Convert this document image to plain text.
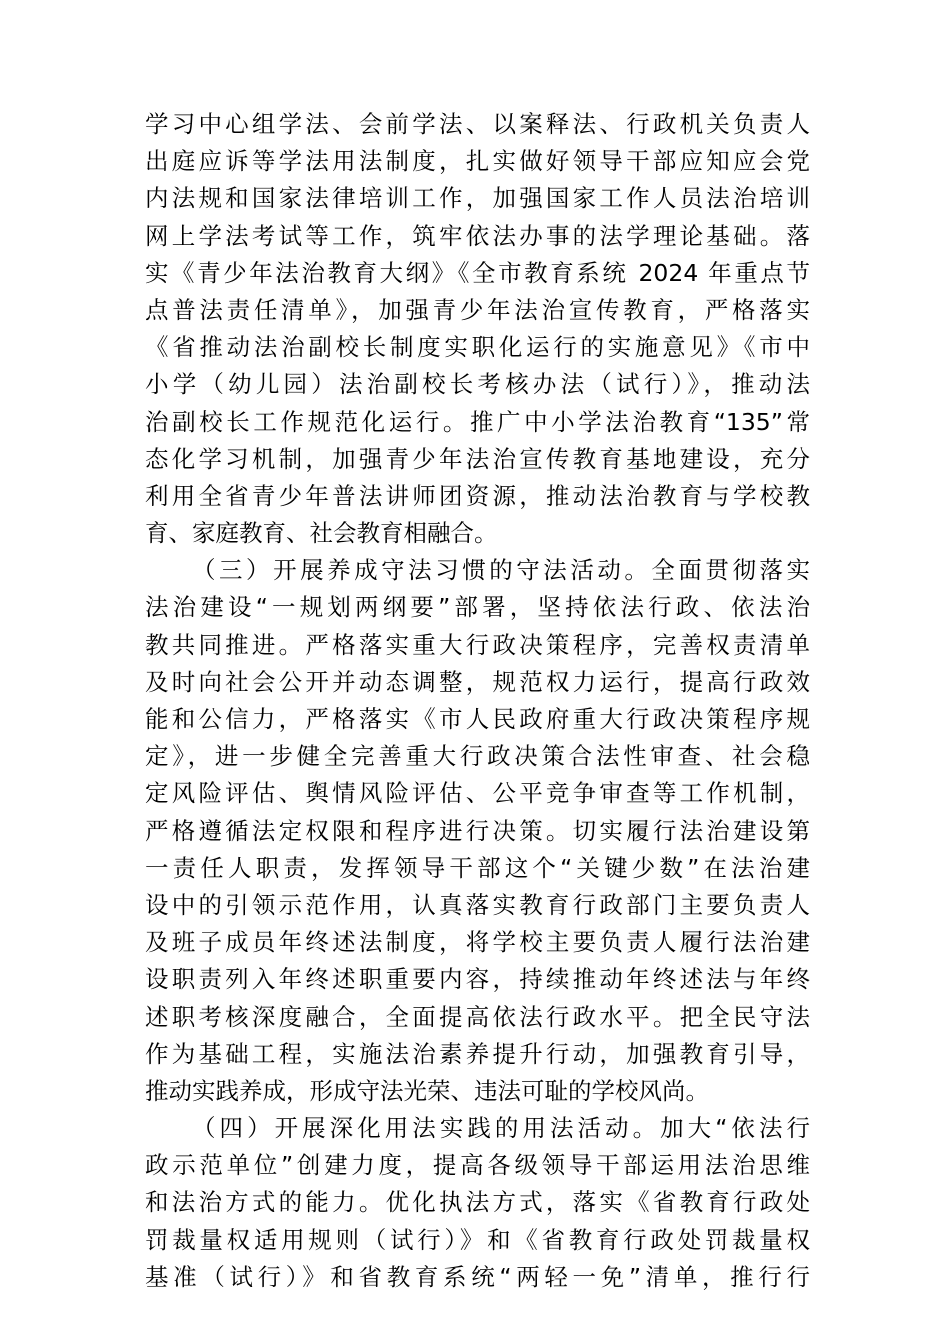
学习中心组学法、会前学法、以案释法、行政机关负责人
出庭应诉等学法用法制度，扎实做好领导干部应知应会党
内法规和国家法律培训工作，加强国家工作人员法治培训
网上学法考试等工作，筑牢依法办事的法学理论基础。落
实《青少年法治教育大纲》《全市教育系统 2024 年重点节
点普法责任清单》，加强青少年法治宣传教育，严格落实
《省推动法治副校长制度实职化运行的实施意见》《市中
小学（幼儿园）法治副校长考核办法（试行）》，推动法
治副校长工作规范化运行。推广中小学法治教育“135”常
态化学习机制，加强青少年法治宣传教育基地建设，充分
利用全省青少年普法讲师团资源，推动法治教育与学校教
育、家庭教育、社会教育相融合。
（三）开展养成守法习惯的守法活动。全面贯彻落实
法治建设“一规划两纲要”部署，坚持依法行政、依法治
教共同推进。严格落实重大行政决策程序，完善权责清单
及时向社会公开并动态调整，规范权力运行，提高行政效
能和公信力，严格落实《市人民政府重大行政决策程序规
定》，进一步健全完善重大行政决策合法性审查、社会稳
定风险评估、舆情风险评估、公平竞争审查等工作机制，
严格遵循法定权限和程序进行决策。切实履行法治建设第
一责任人职责，发挥领导干部这个“关键少数”在法治建
设中的引领示范作用，认真落实教育行政部门主要负责人
及班子成员年终述法制度，将学校主要负责人履行法治建
设职责列入年终述职重要内容，持续推动年终述法与年终
述职考核深度融合，全面提高依法行政水平。把全民守法
作为基础工程，实施法治素养提升行动，加强教育引导，
推动实践养成，形成守法光荣、违法可耻的学校风尚。
（四）开展深化用法实践的用法活动。加大“依法行
政示范单位”创建力度，提高各级领导干部运用法治思维
和法治方式的能力。优化执法方式，落实《省教育行政处
罚裁量权适用规则（试行）》和《省教育行政处罚裁量权
基准（试行）》和省教育系统“两轻一免”清单，推行行
